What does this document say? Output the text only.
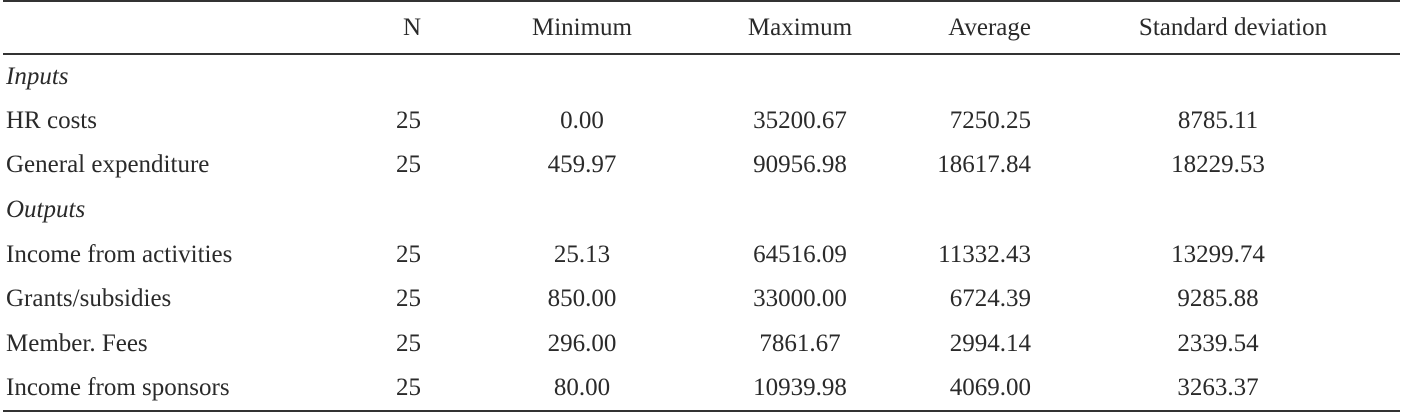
	N	Minimum	Maximum	Average	Standard deviation
Inputs					
HR costs	25	0.00	35200.67	7250.25	8785.11
General expenditure	25	459.97	90956.98	18617.84	18229.53
Outputs					
Income from activities	25	25.13	64516.09	11332.43	13299.74
Grants/subsidies	25	850.00	33000.00	6724.39	9285.88
Member. Fees	25	296.00	7861.67	2994.14	2339.54
Income from sponsors	25	80.00	10939.98	4069.00	3263.37
